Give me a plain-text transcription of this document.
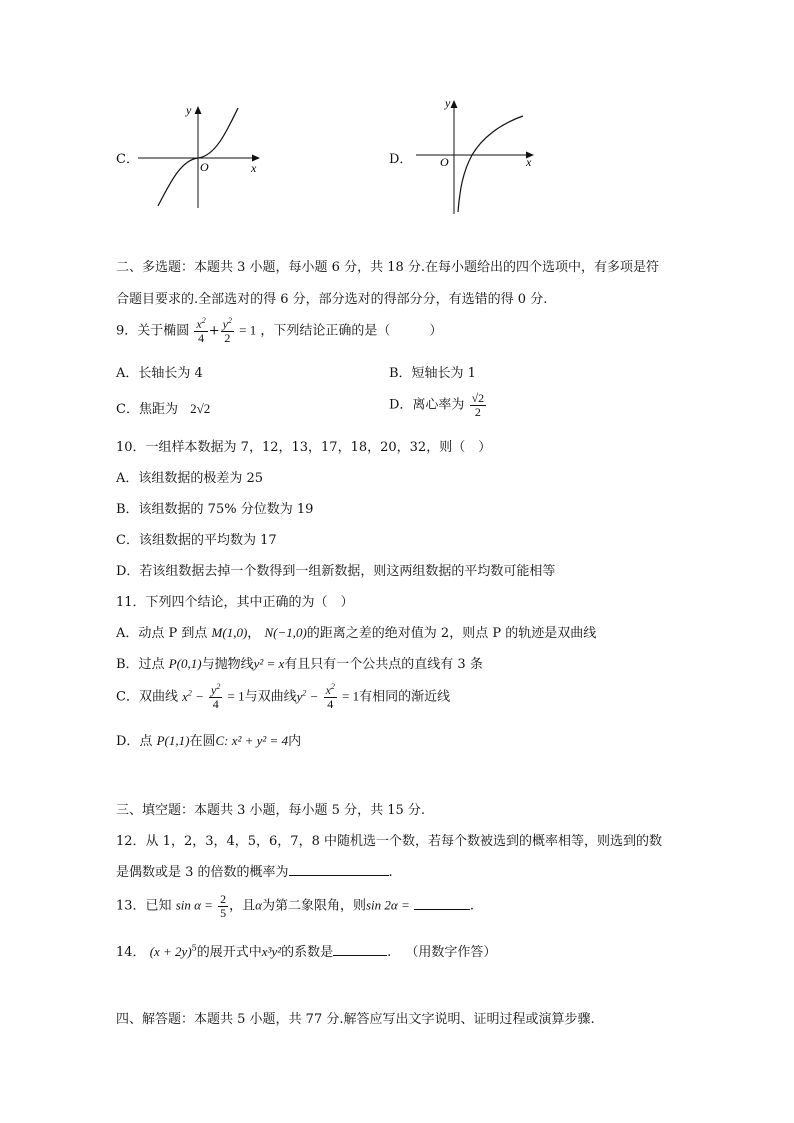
C．
y
x
O	D．
y
x
O
二、多选题：本题共 3 小题，每小题 6 分，共 18 分.在每小题给出的四个选项中，有多项是符
合题目要求的.全部选对的得 6 分，部分选对的得部分分，有选错的得 0 分.
9．关于椭圆 $\frac{x^2}{4} + \frac{y^2}{2} = 1$ ，下列结论正确的是（　　　）
A．长轴长为 4	B．短轴长为 1
C．焦距为 2√2	D．离心率为 $\frac{√2}{2}$
10．一组样本数据为 7，12，13，17，18，20，32，则（　）
A．该组数据的极差为 25
B．该组数据的 75% 分位数为 19
C．该组数据的平均数为 17
D．若该组数据去掉一个数得到一组新数据，则这两组数据的平均数可能相等
11．下列四个结论，其中正确的为（　）
A．动点 P 到点 M(1,0)， N(−1,0)的距离之差的绝对值为 2，则点 P 的轨迹是双曲线
B．过点 P(0,1)与抛物线y² = x有且只有一个公共点的直线有 3 条
C．双曲线 $x^2 - \frac{y^2}{4} = 1$与双曲线$y^2 - \frac{x^2}{4} = 1$有相同的渐近线
D．点 P(1,1)在圆C: x² + y² = 4内
三、填空题：本题共 3 小题，每小题 5 分，共 15 分.
12．从 1，2，3，4，5，6，7，8 中随机选一个数，若每个数被选到的概率相等，则选到的数
是偶数或是 3 的倍数的概率为	.
13．已知 $\sin \alpha = \frac{2}{5}$ ，且α为第二象限角，则sin 2α =	.
14． $(x + 2y)^5$的展开式中x³y²的系数是	. （用数字作答）
四、解答题：本题共 5 小题，共 77 分.解答应写出文字说明、证明过程或演算步骤.
